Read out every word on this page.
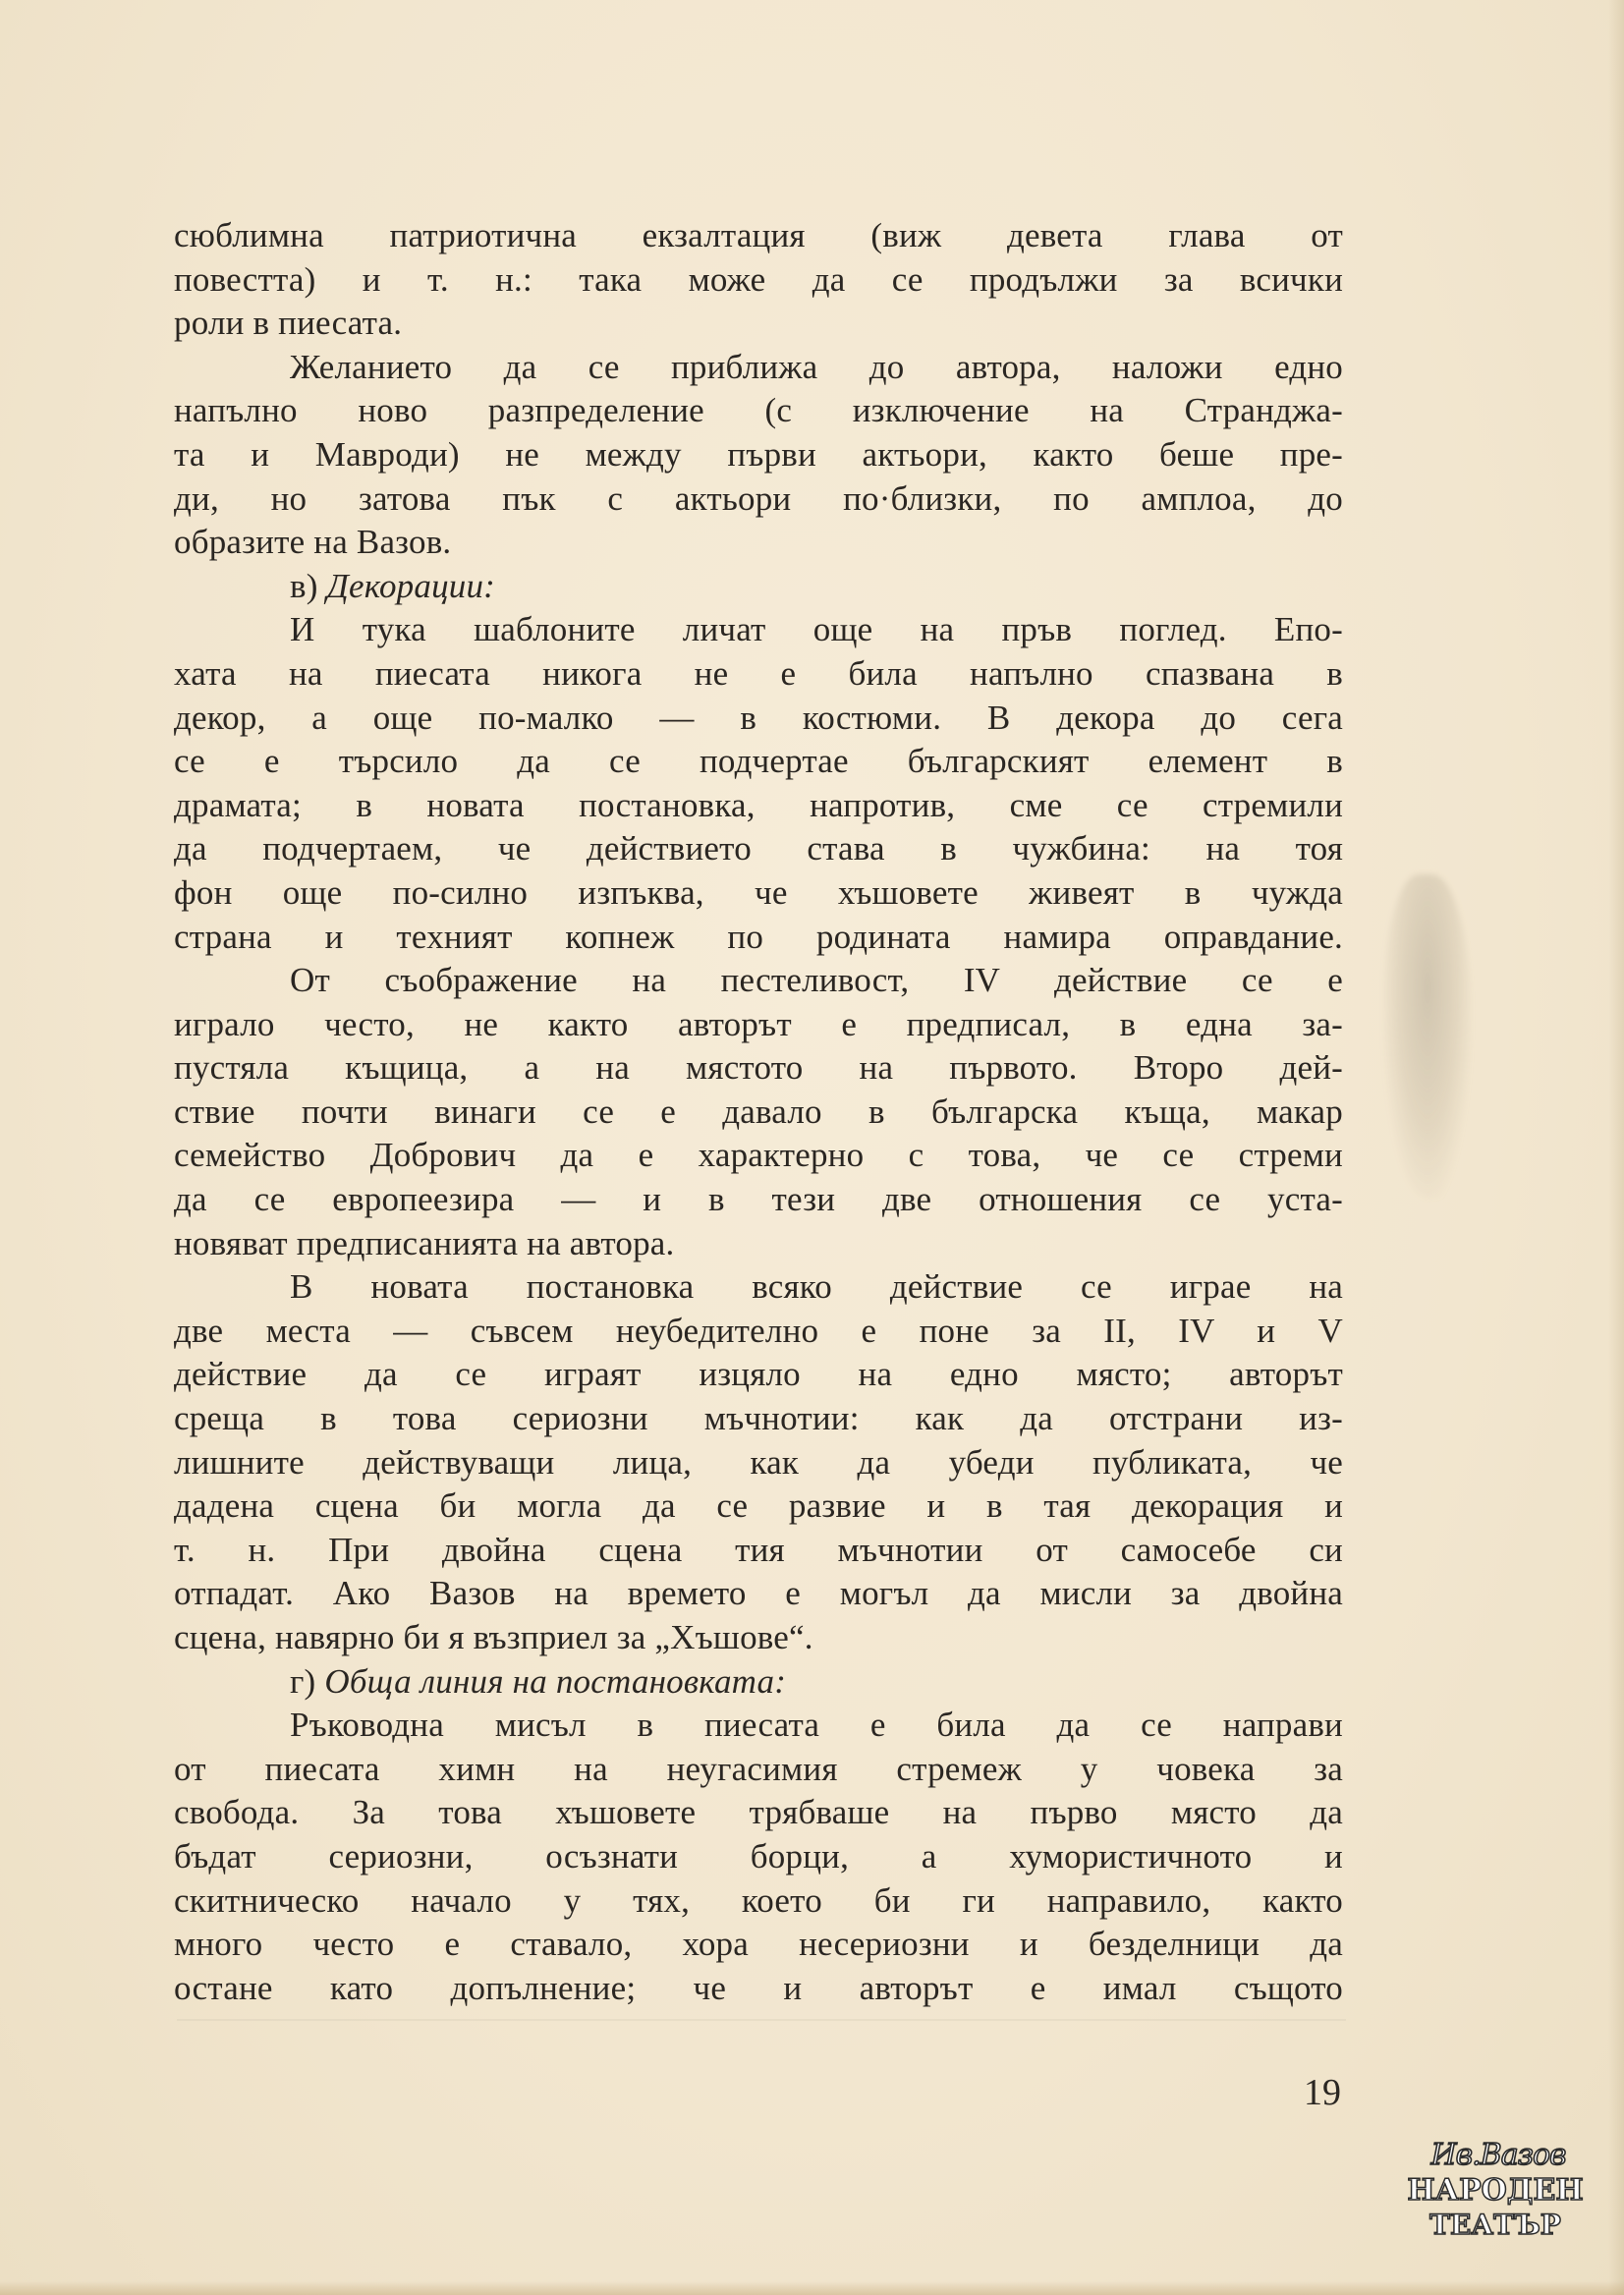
сюблимна патриотична екзалтация (виж девета глава от
повестта) и т. н.: така може да се продължи за всички
роли в пиесата.
Желанието да се приближа до автора, наложи едно
напълно ново разпределение (с изключение на Странджа-
та и Мавроди) не между първи актьори, както беше пре-
ди, но затова пък с актьори по·близки, по амплоа, до
образите на Вазов.
в) Декорации:
И тука шаблоните личат още на пръв поглед. Епо-
хата на пиесата никога не е била напълно спазвана в
декор, а още по-малко — в костюми. В декора до сега
се е търсило да се подчертае българският елемент в
драмата; в новата постановка, напротив, сме се стремили
да подчертаем, че действието става в чужбина: на тоя
фон още по-силно изпъква, че хъшовете живеят в чужда
страна и техният копнеж по родината намира оправдание.
От съображение на пестеливост, IV действие се е
играло често, не както авторът е предписал, в една за-
пустяла къщица, а на мястото на първото. Второ дей-
ствие почти винаги се е давало в българска къща, макар
семейство Добрович да е характерно с това, че се стреми
да се европеезира — и в тези две отношения се уста-
новяват предписанията на автора.
В новата постановка всяко действие се играе на
две места — съвсем неубедително е поне за II, IV и V
действие да се играят изцяло на едно място; авторът
среща в това сериозни мъчнотии: как да отстрани из-
лишните действуващи лица, как да убеди публиката, че
дадена сцена би могла да се развие и в тая декорация и
т. н. При двойна сцена тия мъчнотии от самосебе си
отпадат. Ако Вазов на времето е могъл да мисли за двойна
сцена, навярно би я възприел за „Хъшове“.
г) Обща линия на постановката:
Ръководна мисъл в пиесата е била да се направи
от пиесата химн на неугасимия стремеж у човека за
свобода. За това хъшовете трябваше на първо място да
бъдат сериозни, осъзнати борци, а хумористичното и
скитническо начало у тях, което би ги направило, както
много често е ставало, хора несериозни и безделници да
остане като допълнение; че и авторът е имал същото
19
Ив.Вазов
НАРОДЕН
ТЕАТЪР
